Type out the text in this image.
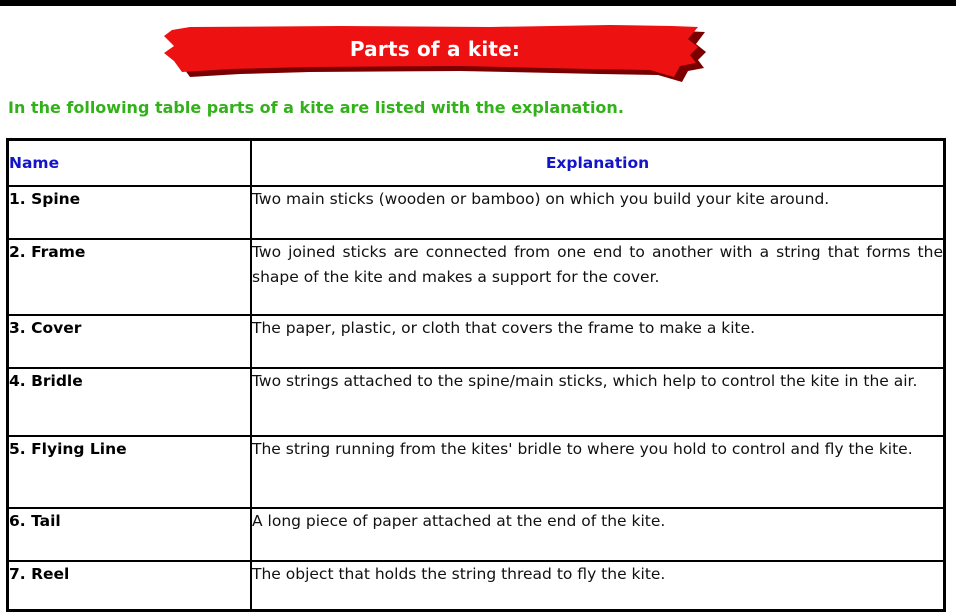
Parts of a kite:
In the following table parts of a kite are listed with the explanation.
Name	Explanation
1. Spine	Two main sticks (wooden or bamboo) on which you build your kite around.
2. Frame	Two joined sticks are connected from one end to another with a string that forms the shape of the kite and makes a support for the cover.
3. Cover	The paper, plastic, or cloth that covers the frame to make a kite.
4. Bridle	Two strings attached to the spine/main sticks, which help to control the kite in the air.
5. Flying Line	The string running from the kites' bridle to where you hold to control and fly the kite.
6. Tail	A long piece of paper attached at the end of the kite.
7. Reel	The object that holds the string thread to fly the kite.
